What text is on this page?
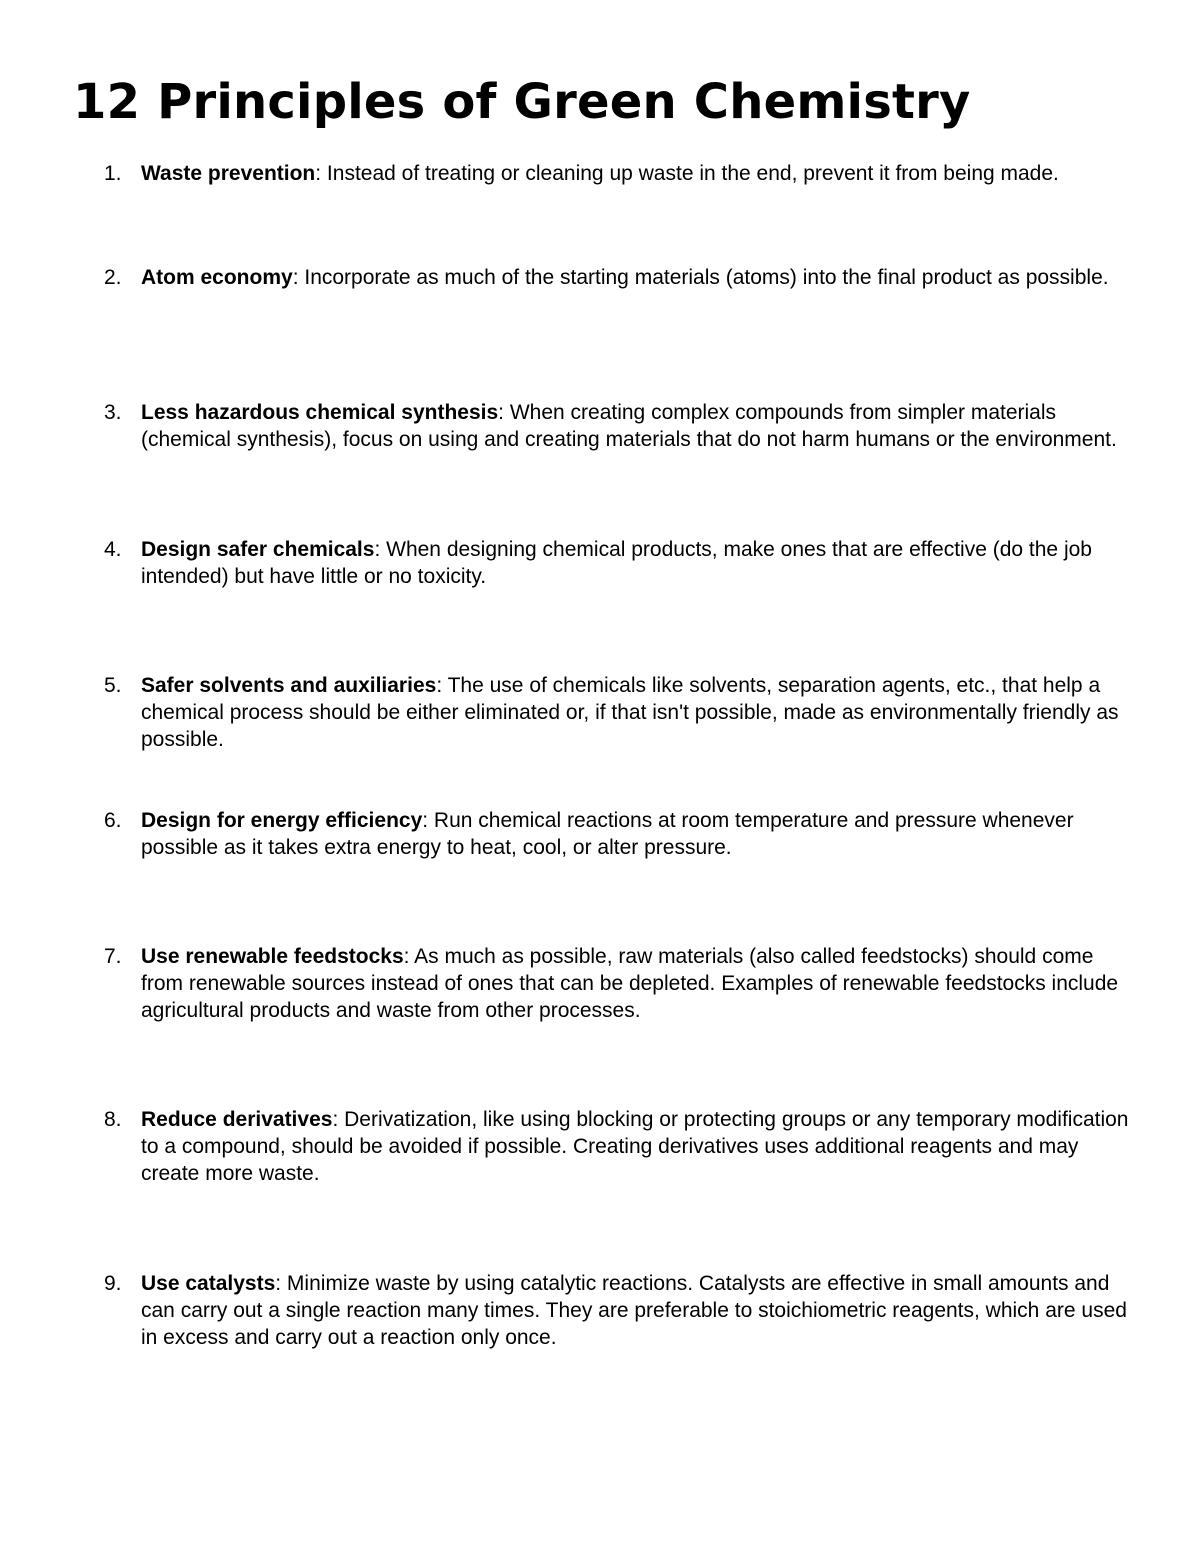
12 Principles of Green Chemistry
1. Waste prevention: Instead of treating or cleaning up waste in the end, prevent it from being made.
2. Atom economy: Incorporate as much of the starting materials (atoms) into the final product as possible.
3. Less hazardous chemical synthesis: When creating complex compounds from simpler materials (chemical synthesis), focus on using and creating materials that do not harm humans or the environment.
4. Design safer chemicals: When designing chemical products, make ones that are effective (do the job intended) but have little or no toxicity.
5. Safer solvents and auxiliaries: The use of chemicals like solvents, separation agents, etc., that help a chemical process should be either eliminated or, if that isn't possible, made as environmentally friendly as possible.
6. Design for energy efficiency: Run chemical reactions at room temperature and pressure whenever possible as it takes extra energy to heat, cool, or alter pressure.
7. Use renewable feedstocks: As much as possible, raw materials (also called feedstocks) should come from renewable sources instead of ones that can be depleted. Examples of renewable feedstocks include agricultural products and waste from other processes.
8. Reduce derivatives: Derivatization, like using blocking or protecting groups or any temporary modification to a compound, should be avoided if possible. Creating derivatives uses additional reagents and may create more waste.
9. Use catalysts: Minimize waste by using catalytic reactions. Catalysts are effective in small amounts and can carry out a single reaction many times. They are preferable to stoichiometric reagents, which are used in excess and carry out a reaction only once.
